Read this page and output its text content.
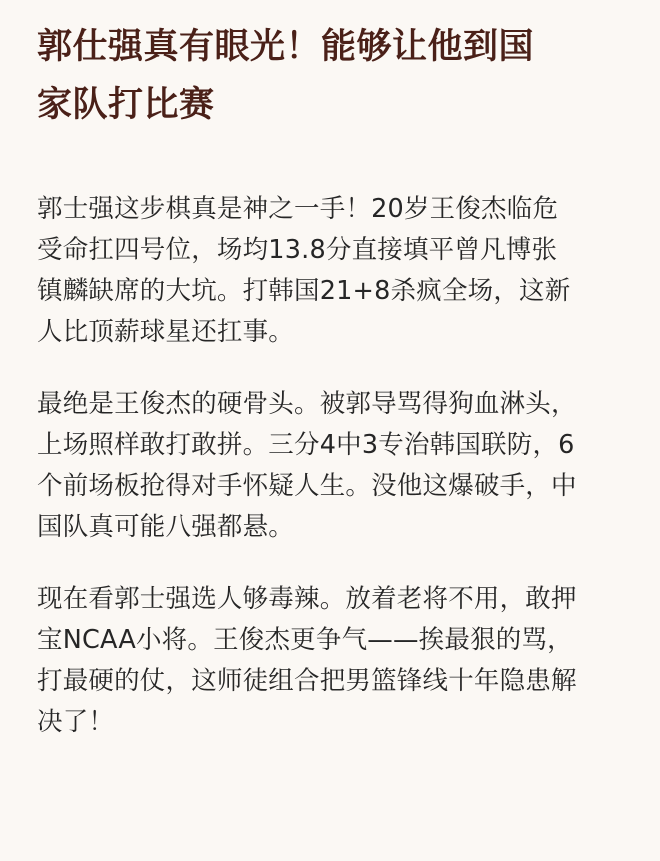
郭仕强真有眼光！能够让他到国
家队打比赛

郭士强这步棋真是神之一手！20岁王俊杰临危
受命扛四号位，场均13.8分直接填平曾凡博张
镇麟缺席的大坑。打韩国21+8杀疯全场，这新
人比顶薪球星还扛事。

最绝是王俊杰的硬骨头。被郭导骂得狗血淋头，
上场照样敢打敢拼。三分4中3专治韩国联防，6
个前场板抢得对手怀疑人生。没他这爆破手，中
国队真可能八强都悬。

现在看郭士强选人够毒辣。放着老将不用，敢押
宝NCAA小将。王俊杰更争气——挨最狠的骂，
打最硬的仗，这师徒组合把男篮锋线十年隐患解
决了！
